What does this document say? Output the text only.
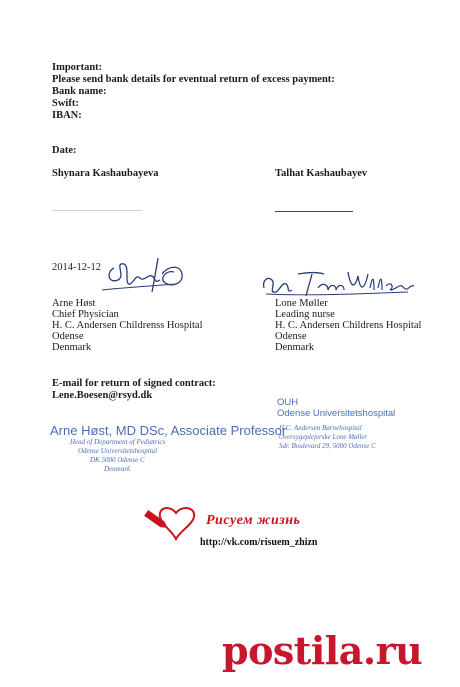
Important:
Please send bank details for eventual return of excess payment:
Bank name:
Swift:
IBAN:
Date:
Shynara Kashaubayeva	Talhat Kashaubayev
2014-12-12
Arne Høst
Chief Physician
H. C. Andersen Childrenss Hospital
Odense
Denmark
Lone Møller
Leading nurse
H. C. Andersen Childrens Hospital
Odense
Denmark
E-mail for return of signed contract:
Lene.Boesen@rsyd.dk
Arne Høst, MD DSc, Associate Professor
Head of Department of Pediatrics
Odense Universitetshospital
DK 5000 Odense C
Denmark
OUH
Odense Universitetshospital
H.C. Andersen Børnehospital
Oversygeplejerske Lone Møller
Sdr. Boulevard 29, 5000 Odense C
Рисуем жизнь
http://vk.com/risuem_zhizn
postila.ru
